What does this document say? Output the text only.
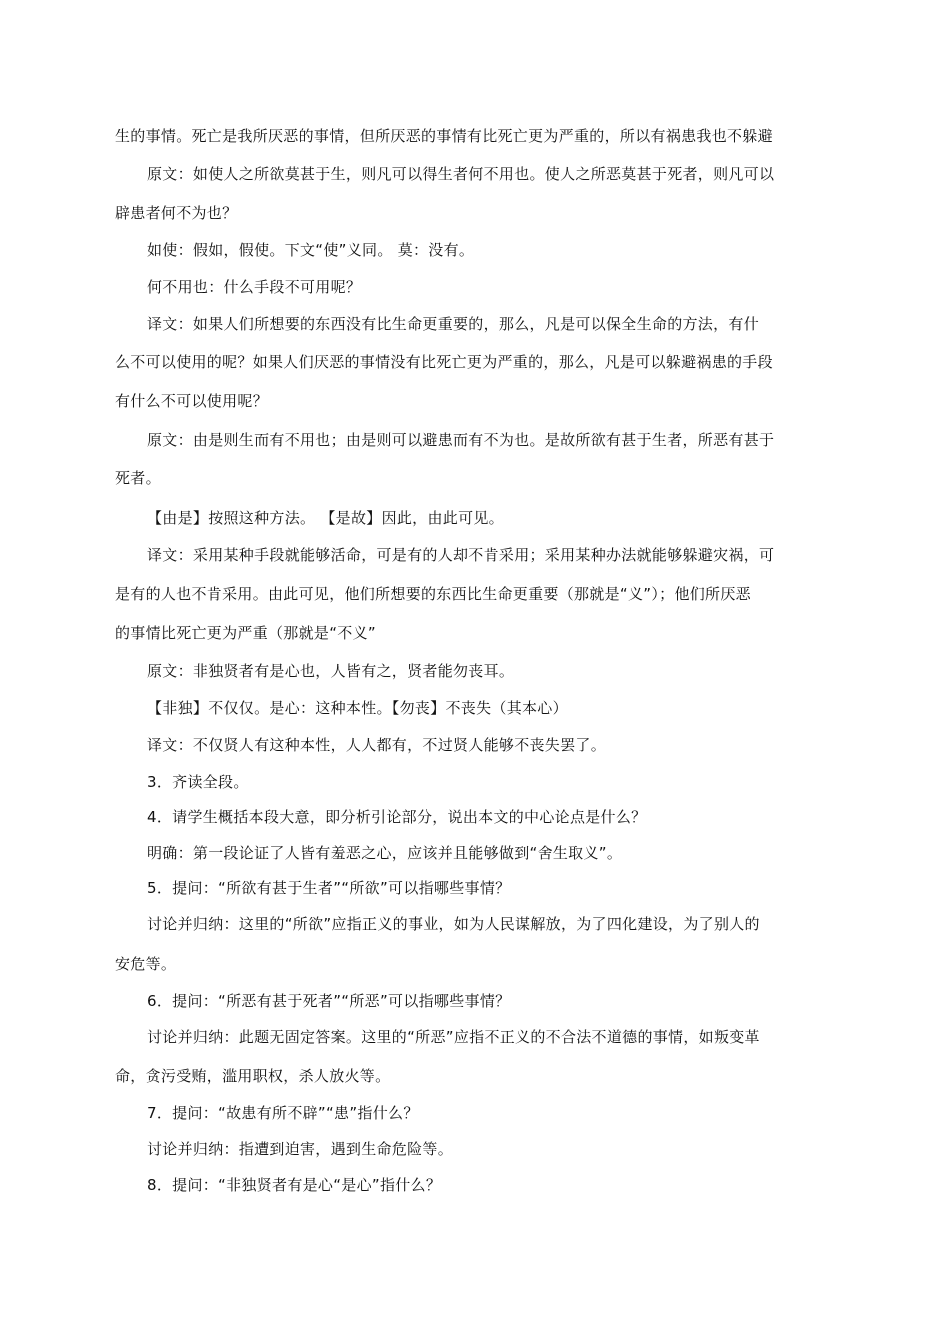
生的事情。死亡是我所厌恶的事情，但所厌恶的事情有比死亡更为严重的，所以有祸患我也不躲避
原文：如使人之所欲莫甚于生，则凡可以得生者何不用也。使人之所恶莫甚于死者，则凡可以
辟患者何不为也？
如使：假如，假使。下文“使”义同。 莫：没有。
何不用也：什么手段不可用呢？
译文：如果人们所想要的东西没有比生命更重要的，那么，凡是可以保全生命的方法，有什
么不可以使用的呢？如果人们厌恶的事情没有比死亡更为严重的，那么，凡是可以躲避祸患的手段
有什么不可以使用呢？
原文：由是则生而有不用也；由是则可以避患而有不为也。是故所欲有甚于生者，所恶有甚于
死者。
【由是】按照这种方法。 【是故】因此，由此可见。
译文：采用某种手段就能够活命，可是有的人却不肯采用；采用某种办法就能够躲避灾祸，可
是有的人也不肯采用。由此可见，他们所想要的东西比生命更重要（那就是“义”）；他们所厌恶
的事情比死亡更为严重（那就是“不义”
原文：非独贤者有是心也，人皆有之，贤者能勿丧耳。
【非独】不仅仅。是心：这种本性。【勿丧】不丧失（其本心）
译文：不仅贤人有这种本性，人人都有，不过贤人能够不丧失罢了。
3．齐读全段。
4．请学生概括本段大意，即分析引论部分，说出本文的中心论点是什么？
明确：第一段论证了人皆有羞恶之心，应该并且能够做到“舍生取义”。
5．提问：“所欲有甚于生者”“所欲”可以指哪些事情？
讨论并归纳：这里的“所欲”应指正义的事业，如为人民谋解放，为了四化建设，为了别人的
安危等。
6．提问：“所恶有甚于死者”“所恶”可以指哪些事情？
讨论并归纳：此题无固定答案。这里的“所恶”应指不正义的不合法不道德的事情，如叛变革
命，贪污受贿，滥用职权，杀人放火等。
7．提问：“故患有所不辟”“患”指什么？
讨论并归纳：指遭到迫害，遇到生命危险等。
8．提问：“非独贤者有是心“是心”指什么？
